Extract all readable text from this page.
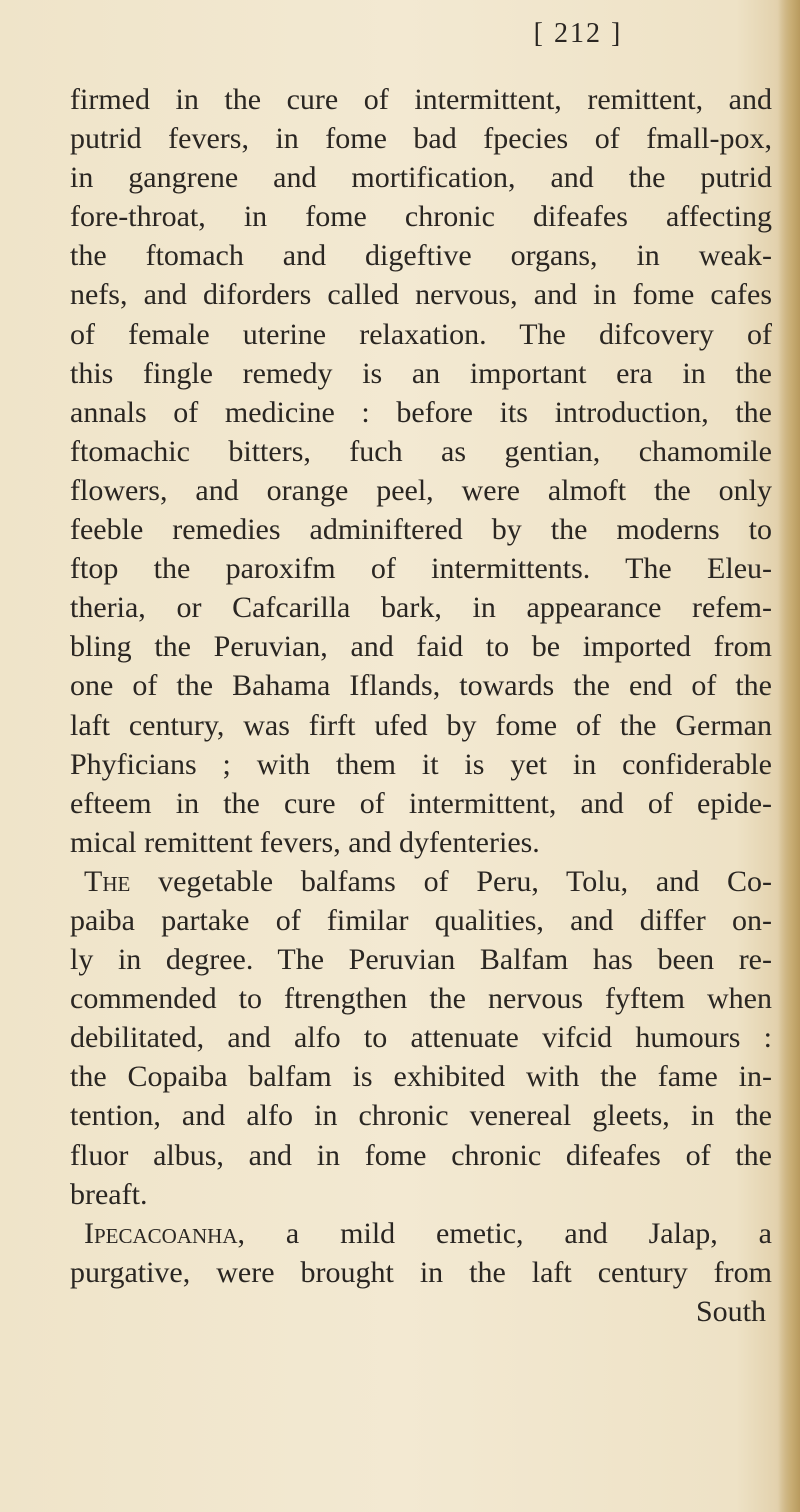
[ 212 ]
firmed in the cure of intermittent, remittent, and
putrid fevers, in fome bad fpecies of fmall-pox,
in gangrene and mortification, and the putrid
fore-throat, in fome chronic difeafes affecting
the ftomach and digeftive organs, in weak-
nefs, and diforders called nervous, and in fome cafes
of female uterine relaxation. The difcovery of
this fingle remedy is an important era in the
annals of medicine : before its introduction, the
ftomachic bitters, fuch as gentian, chamomile
flowers, and orange peel, were almoft the only
feeble remedies adminiftered by the moderns to
ftop the paroxifm of intermittents. The Eleu-
theria, or Cafcarilla bark, in appearance refem-
bling the Peruvian, and faid to be imported from
one of the Bahama Iflands, towards the end of the
laft century, was firft ufed by fome of the German
Phyficians ; with them it is yet in confiderable
efteem in the cure of intermittent, and of epide-
mical remittent fevers, and dyfenteries.
The vegetable balfams of Peru, Tolu, and Co-
paiba partake of fimilar qualities, and differ on-
ly in degree. The Peruvian Balfam has been re-
commended to ftrengthen the nervous fyftem when
debilitated, and alfo to attenuate vifcid humours :
the Copaiba balfam is exhibited with the fame in-
tention, and alfo in chronic venereal gleets, in the
fluor albus, and in fome chronic difeafes of the
breaft.
Ipecacoanha, a mild emetic, and Jalap, a
purgative, were brought in the laft century from
South
